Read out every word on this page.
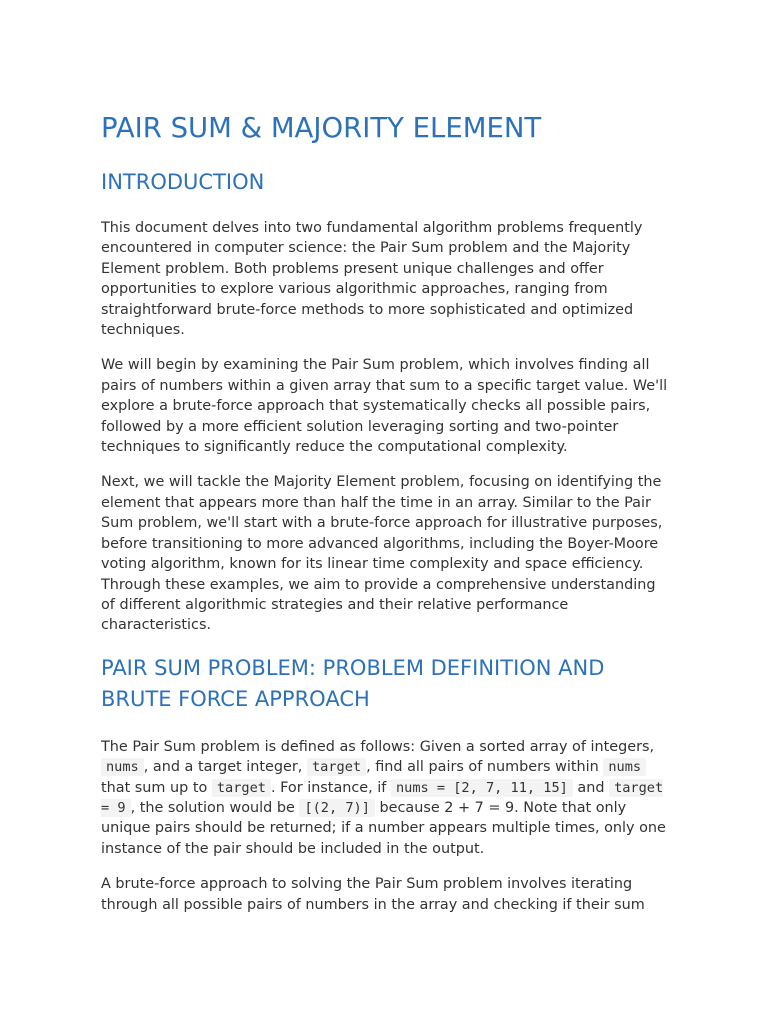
PAIR SUM & MAJORITY ELEMENT
INTRODUCTION

This document delves into two fundamental algorithm problems frequently encountered in computer science: the Pair Sum problem and the Majority Element problem. Both problems present unique challenges and offer opportunities to explore various algorithmic approaches, ranging from straightforward brute-force methods to more sophisticated and optimized techniques.

We will begin by examining the Pair Sum problem, which involves finding all pairs of numbers within a given array that sum to a specific target value. We'll explore a brute-force approach that systematically checks all possible pairs, followed by a more efficient solution leveraging sorting and two-pointer techniques to significantly reduce the computational complexity.

Next, we will tackle the Majority Element problem, focusing on identifying the element that appears more than half the time in an array. Similar to the Pair Sum problem, we'll start with a brute-force approach for illustrative purposes, before transitioning to more advanced algorithms, including the Boyer-Moore voting algorithm, known for its linear time complexity and space efficiency. Through these examples, we aim to provide a comprehensive understanding of different algorithmic strategies and their relative performance characteristics.

PAIR SUM PROBLEM: PROBLEM DEFINITION AND BRUTE FORCE APPROACH

The Pair Sum problem is defined as follows: Given a sorted array of integers, nums , and a target integer, target , find all pairs of numbers within nums that sum up to target . For instance, if nums = [2, 7, 11, 15] and target = 9 , the solution would be [(2, 7)] because 2 + 7 = 9. Note that only unique pairs should be returned; if a number appears multiple times, only one instance of the pair should be included in the output.

A brute-force approach to solving the Pair Sum problem involves iterating through all possible pairs of numbers in the array and checking if their sum
